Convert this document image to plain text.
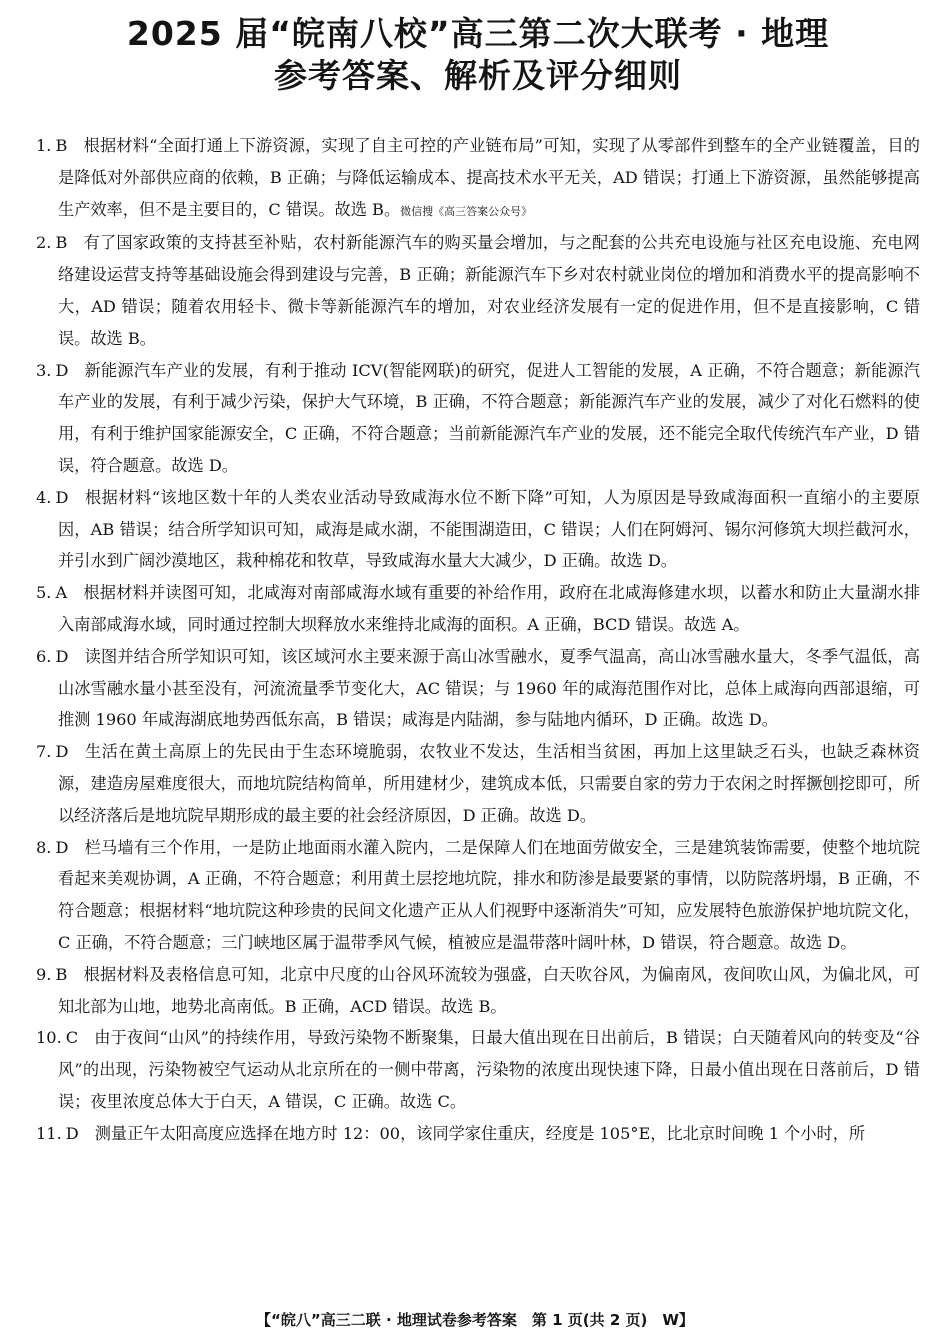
2025 届“皖南八校”高三第二次大联考 · 地理
参考答案、解析及评分细则

1. B 根据材料“全面打通上下游资源，实现了自主可控的产业链布局”可知，实现了从零部件到整车的全产业链覆盖，目的是降低对外部供应商的依赖，B 正确；与降低运输成本、提高技术水平无关，AD 错误；打通上下游资源，虽然能够提高生产效率，但不是主要目的，C 错误。故选 B。微信搜《高三答案公众号》

2. B 有了国家政策的支持甚至补贴，农村新能源汽车的购买量会增加，与之配套的公共充电设施与社区充电设施、充电网络建设运营支持等基础设施会得到建设与完善，B 正确；新能源汽车下乡对农村就业岗位的增加和消费水平的提高影响不大，AD 错误；随着农用轻卡、微卡等新能源汽车的增加，对农业经济发展有一定的促进作用，但不是直接影响，C 错误。故选 B。

3. D 新能源汽车产业的发展，有利于推动 ICV(智能网联)的研究，促进人工智能的发展，A 正确，不符合题意；新能源汽车产业的发展，有利于减少污染，保护大气环境，B 正确，不符合题意；新能源汽车产业的发展，减少了对化石燃料的使用，有利于维护国家能源安全，C 正确，不符合题意；当前新能源汽车产业的发展，还不能完全取代传统汽车产业，D 错误，符合题意。故选 D。

4. D 根据材料“该地区数十年的人类农业活动导致咸海水位不断下降”可知，人为原因是导致咸海面积一直缩小的主要原因，AB 错误；结合所学知识可知，咸海是咸水湖，不能围湖造田，C 错误；人们在阿姆河、锡尔河修筑大坝拦截河水，并引水到广阔沙漠地区，栽种棉花和牧草，导致咸海水量大大减少，D 正确。故选 D。

5. A 根据材料并读图可知，北咸海对南部咸海水域有重要的补给作用，政府在北咸海修建水坝，以蓄水和防止大量湖水排入南部咸海水域，同时通过控制大坝释放水来维持北咸海的面积。A 正确，BCD 错误。故选 A。

6. D 读图并结合所学知识可知，该区域河水主要来源于高山冰雪融水，夏季气温高，高山冰雪融水量大，冬季气温低，高山冰雪融水量小甚至没有，河流流量季节变化大，AC 错误；与 1960 年的咸海范围作对比，总体上咸海向西部退缩，可推测 1960 年咸海湖底地势西低东高，B 错误；咸海是内陆湖，参与陆地内循环，D 正确。故选 D。

7. D 生活在黄土高原上的先民由于生态环境脆弱，农牧业不发达，生活相当贫困，再加上这里缺乏石头，也缺乏森林资源，建造房屋难度很大，而地坑院结构简单，所用建材少，建筑成本低，只需要自家的劳力于农闲之时挥撅刨挖即可，所以经济落后是地坑院早期形成的最主要的社会经济原因，D 正确。故选 D。

8. D 栏马墙有三个作用，一是防止地面雨水灌入院内，二是保障人们在地面劳做安全，三是建筑装饰需要，使整个地坑院看起来美观协调，A 正确，不符合题意；利用黄土层挖地坑院，排水和防渗是最要紧的事情，以防院落坍塌，B 正确，不符合题意；根据材料“地坑院这种珍贵的民间文化遗产正从人们视野中逐渐消失”可知，应发展特色旅游保护地坑院文化，C 正确，不符合题意；三门峡地区属于温带季风气候，植被应是温带落叶阔叶林，D 错误，符合题意。故选 D。

9. B 根据材料及表格信息可知，北京中尺度的山谷风环流较为强盛，白天吹谷风，为偏南风，夜间吹山风，为偏北风，可知北部为山地，地势北高南低。B 正确，ACD 错误。故选 B。

10. C 由于夜间“山风”的持续作用，导致污染物不断聚集，日最大值出现在日出前后，B 错误；白天随着风向的转变及“谷风”的出现，污染物被空气运动从北京所在的一侧中带离，污染物的浓度出现快速下降，日最小值出现在日落前后，D 错误；夜里浓度总体大于白天，A 错误，C 正确。故选 C。

11. D 测量正午太阳高度应选择在地方时 12：00，该同学家住重庆，经度是 105°E，比北京时间晚 1 个小时，所

【“皖八”高三二联 · 地理试卷参考答案　第 1 页(共 2 页)　W】
